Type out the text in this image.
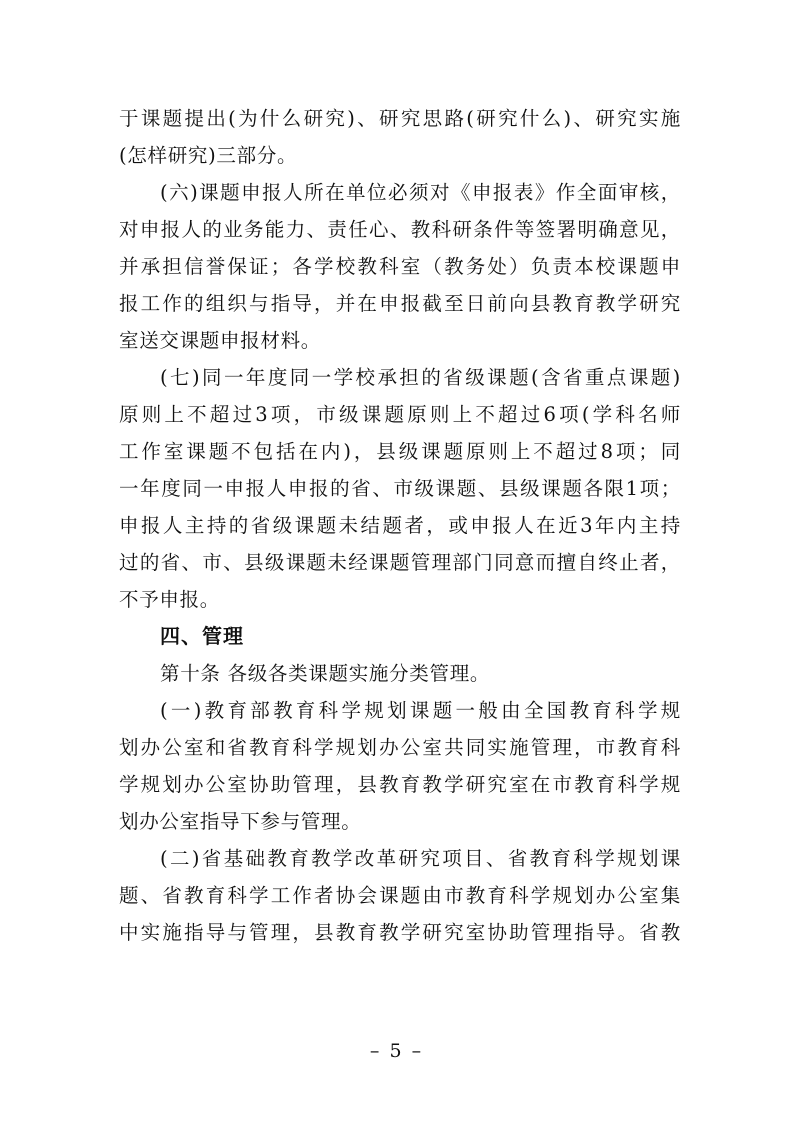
于课题提出(为什么研究)、研究思路(研究什么)、研究实施
(怎样研究)三部分。
(六)课题申报人所在单位必须对《申报表》作全面审核，
对申报人的业务能力、责任心、教科研条件等签署明确意见，
并承担信誉保证；各学校教科室（教务处）负责本校课题申
报工作的组织与指导，并在申报截至日前向县教育教学研究
室送交课题申报材料。
(七)同一年度同一学校承担的省级课题(含省重点课题)
原则上不超过3项，市级课题原则上不超过6项(学科名师
工作室课题不包括在内)，县级课题原则上不超过8项；同
一年度同一申报人申报的省、市级课题、县级课题各限1项；
申报人主持的省级课题未结题者，或申报人在近3年内主持
过的省、市、县级课题未经课题管理部门同意而擅自终止者，
不予申报。
四、管理
第十条 各级各类课题实施分类管理。
(一)教育部教育科学规划课题一般由全国教育科学规
划办公室和省教育科学规划办公室共同实施管理，市教育科
学规划办公室协助管理，县教育教学研究室在市教育科学规
划办公室指导下参与管理。
(二)省基础教育教学改革研究项目、省教育科学规划课
题、省教育科学工作者协会课题由市教育科学规划办公室集
中实施指导与管理，县教育教学研究室协助管理指导。省教
– 5 –
